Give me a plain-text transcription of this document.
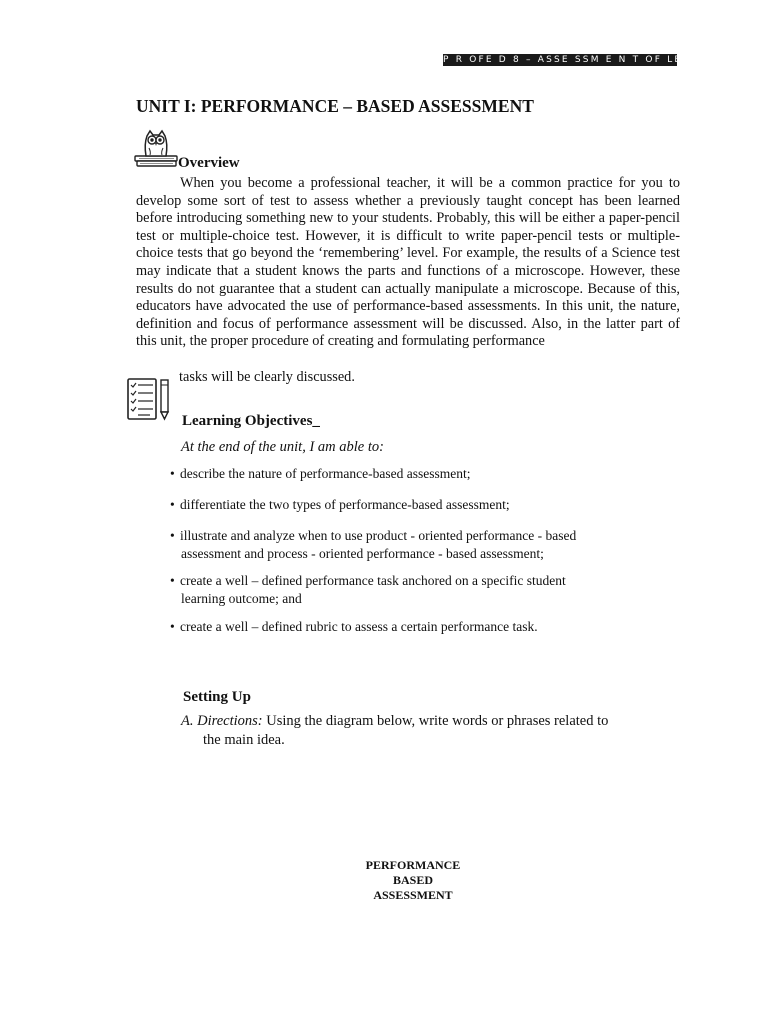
P R OFE D 8 – ASSE SSM E N T OF LE AR N IN G 2
UNIT I: PERFORMANCE – BASED ASSESSMENT
Overview
When you become a professional teacher, it will be a common practice for you to develop some sort of test to assess whether a previously taught concept has been learned before introducing something new to your students. Probably, this will be either a paper-pencil test or multiple-choice test. However, it is difficult to write paper-pencil tests or multiple-choice tests that go beyond the ‘remembering’ level. For example, the results of a Science test may indicate that a student knows the parts and functions of a microscope. However, these results do not guarantee that a student can actually manipulate a microscope. Because of this, educators have advocated the use of performance-based assessments. In this unit, the nature, definition and focus of performance assessment will be discussed. Also, in the latter part of this unit, the proper procedure of creating and formulating performance
tasks will be clearly discussed.
Learning Objectives_
At the end of the unit, I am able to:
• describe the nature of performance-based assessment;
• differentiate the two types of performance-based assessment;
• illustrate and analyze when to use product - oriented performance - based
assessment and process - oriented performance - based assessment;
• create a well – defined performance task anchored on a specific student
learning outcome; and
• create a well – defined rubric to assess a certain performance task.
Setting Up
A. Directions: Using the diagram below, write words or phrases related to
the main idea.
PERFORMANCE
BASED
ASSESSMENT
